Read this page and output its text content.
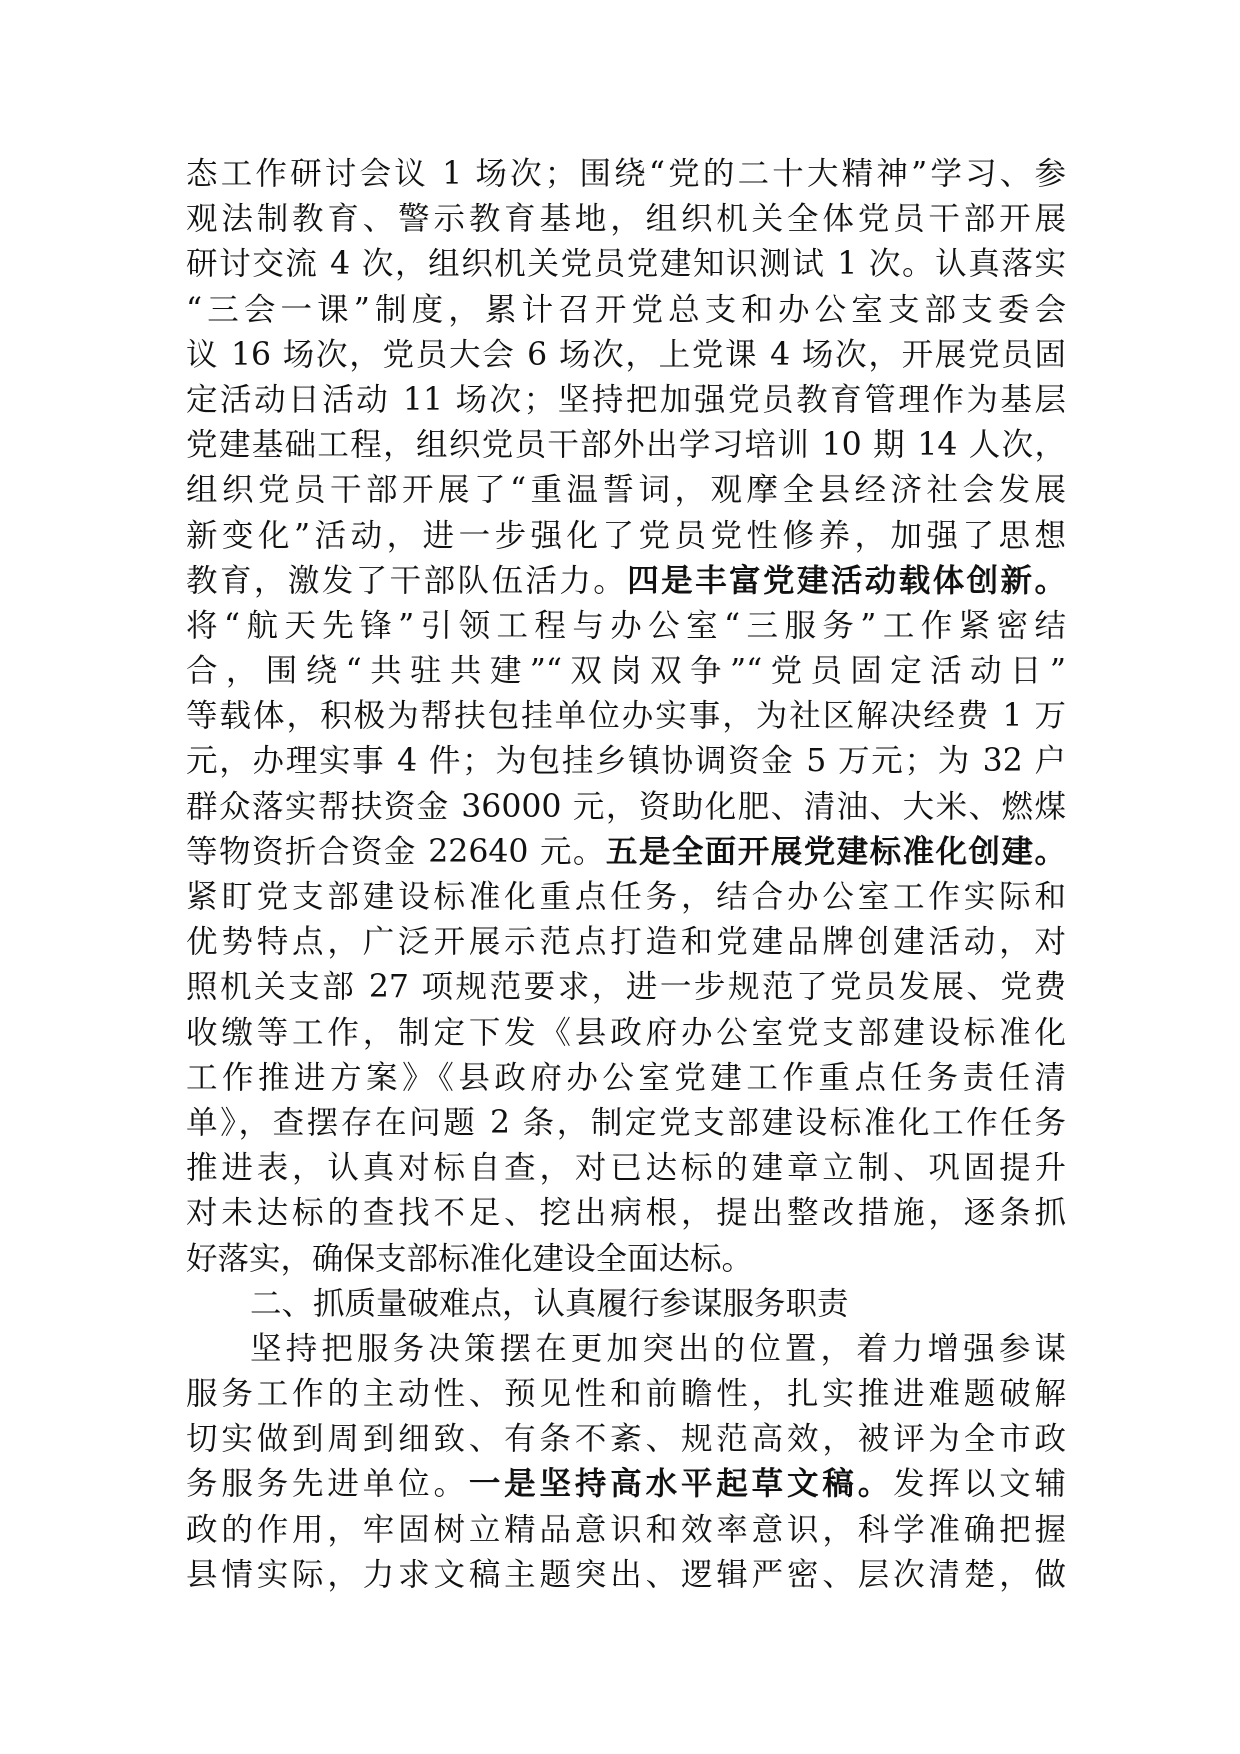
态工作研讨会议 1 场次；围绕“党的二十大精神”学习、参
观法制教育、警示教育基地，组织机关全体党员干部开展
研讨交流 4 次，组织机关党员党建知识测试 1 次。认真落实
“三会一课”制度，累计召开党总支和办公室支部支委会
议 16 场次，党员大会 6 场次，上党课 4 场次，开展党员固
定活动日活动 11 场次；坚持把加强党员教育管理作为基层
党建基础工程，组织党员干部外出学习培训 10 期 14 人次，
组织党员干部开展了“重温誓词，观摩全县经济社会发展
新变化”活动，进一步强化了党员党性修养，加强了思想
教育，激发了干部队伍活力。四是丰富党建活动载体创新。
将“航天先锋”引领工程与办公室“三服务”工作紧密结
合，围绕“共驻共建”“双岗双争”“党员固定活动日”
等载体，积极为帮扶包挂单位办实事，为社区解决经费 1 万
元，办理实事 4 件；为包挂乡镇协调资金 5 万元；为 32 户
群众落实帮扶资金 36000 元，资助化肥、清油、大米、燃煤
等物资折合资金 22640 元。五是全面开展党建标准化创建。
紧盯党支部建设标准化重点任务，结合办公室工作实际和
优势特点，广泛开展示范点打造和党建品牌创建活动，对
照机关支部 27 项规范要求，进一步规范了党员发展、党费
收缴等工作，制定下发《县政府办公室党支部建设标准化
工作推进方案》《县政府办公室党建工作重点任务责任清
单》，查摆存在问题 2 条，制定党支部建设标准化工作任务
推进表，认真对标自查，对已达标的建章立制、巩固提升
对未达标的查找不足、挖出病根，提出整改措施，逐条抓
好落实，确保支部标准化建设全面达标。
二、抓质量破难点，认真履行参谋服务职责
坚持把服务决策摆在更加突出的位置，着力增强参谋
服务工作的主动性、预见性和前瞻性，扎实推进难题破解
切实做到周到细致、有条不紊、规范高效，被评为全市政
务服务先进单位。一是坚持高水平起草文稿。发挥以文辅
政的作用，牢固树立精品意识和效率意识，科学准确把握
县情实际，力求文稿主题突出、逻辑严密、层次清楚，做
